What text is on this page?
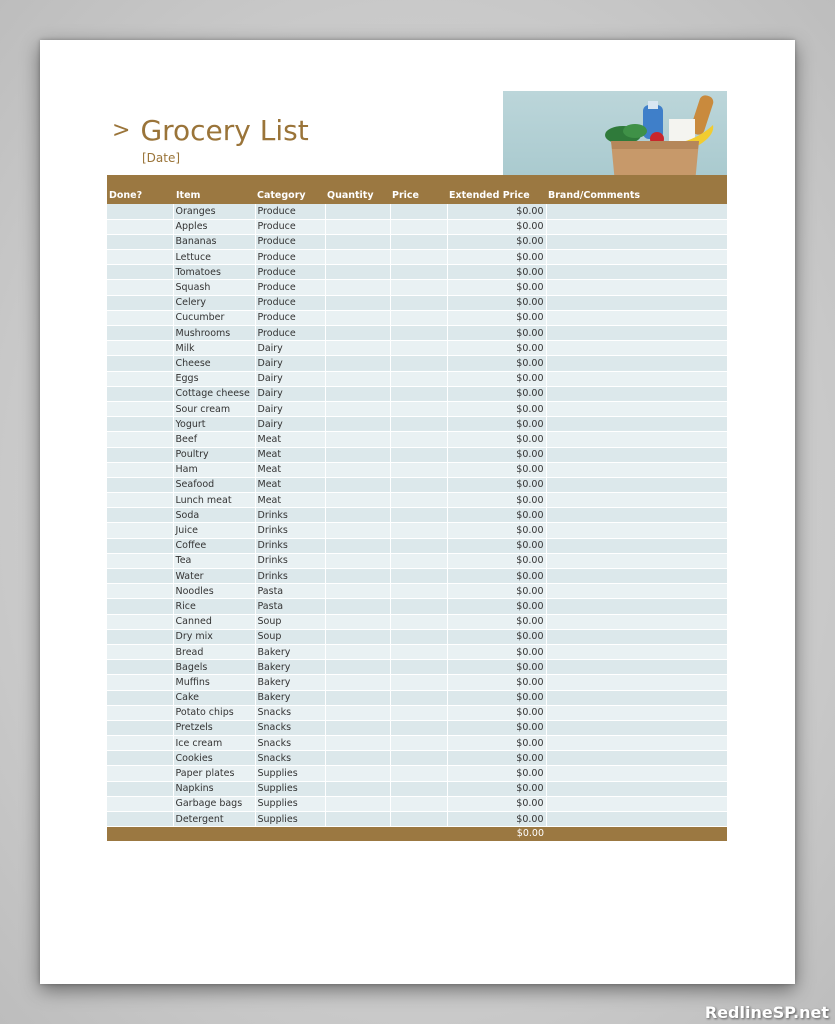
> Grocery List
[Date]
Done?	Item	Category	Quantity	Price	Extended Price	Brand/Comments
	Oranges	Produce			$0.00	
	Apples	Produce			$0.00	
	Bananas	Produce			$0.00	
	Lettuce	Produce			$0.00	
	Tomatoes	Produce			$0.00	
	Squash	Produce			$0.00	
	Celery	Produce			$0.00	
	Cucumber	Produce			$0.00	
	Mushrooms	Produce			$0.00	
	Milk	Dairy			$0.00	
	Cheese	Dairy			$0.00	
	Eggs	Dairy			$0.00	
	Cottage cheese	Dairy			$0.00	
	Sour cream	Dairy			$0.00	
	Yogurt	Dairy			$0.00	
	Beef	Meat			$0.00	
	Poultry	Meat			$0.00	
	Ham	Meat			$0.00	
	Seafood	Meat			$0.00	
	Lunch meat	Meat			$0.00	
	Soda	Drinks			$0.00	
	Juice	Drinks			$0.00	
	Coffee	Drinks			$0.00	
	Tea	Drinks			$0.00	
	Water	Drinks			$0.00	
	Noodles	Pasta			$0.00	
	Rice	Pasta			$0.00	
	Canned	Soup			$0.00	
	Dry mix	Soup			$0.00	
	Bread	Bakery			$0.00	
	Bagels	Bakery			$0.00	
	Muffins	Bakery			$0.00	
	Cake	Bakery			$0.00	
	Potato chips	Snacks			$0.00	
	Pretzels	Snacks			$0.00	
	Ice cream	Snacks			$0.00	
	Cookies	Snacks			$0.00	
	Paper plates	Supplies			$0.00	
	Napkins	Supplies			$0.00	
	Garbage bags	Supplies			$0.00	
	Detergent	Supplies			$0.00	
					$0.00	
RedlineSP.net
